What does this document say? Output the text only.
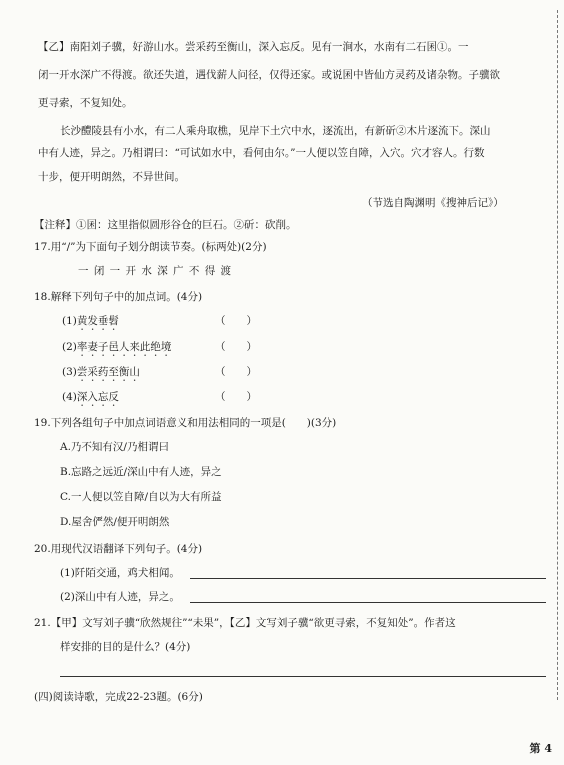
【乙】南阳刘子骥，好游山水。尝采药至衡山，深入忘反。见有一涧水，水南有二石囷①。一
闭一开水深广不得渡。欲还失道，遇伐薪人问径，仅得还家。或说囷中皆仙方灵药及诸杂物。子骥欲
更寻索，不复知处。
长沙醴陵县有小水，有二人乘舟取樵，见岸下土穴中水，逐流出，有新斫②木片逐流下。深山
中有人迹，异之。乃相谓曰：“可试如水中，看何由尔。”一人便以笠自障，入穴。穴才容人。行数
十步，便开明朗然，不异世间。
（节选自陶渊明《搜神后记》）
【注释】①囷：这里指似圆形谷仓的巨石。②斫：砍削。
17.用“/”为下面句子划分朗读节奏。(标两处)(2分)
一 闭 一 开 水 深 广 不 得 渡
18.解释下列句子中的加点词。(4分)
(1)黄发垂髫	（　　）
(2)率妻子邑人来此绝境	（　　）
(3)尝采药至衡山	（　　）
(4)深入忘反	（　　）
19.下列各组句子中加点词语意义和用法相同的一项是(　　)(3分)
A.乃不知有汉/乃相谓曰
B.忘路之远近/深山中有人迹，异之
C.一人便以笠自障/自以为大有所益
D.屋舍俨然/便开明朗然
20.用现代汉语翻译下列句子。(4分)
(1)阡陌交通，鸡犬相闻。
(2)深山中有人迹，异之。
21.【甲】文写刘子骥“欣然规往”“未果”，【乙】文写刘子骥“欲更寻索，不复知处”。作者这
样安排的目的是什么？(4分)
(四)阅读诗歌，完成22-23题。(6分)
第 4
